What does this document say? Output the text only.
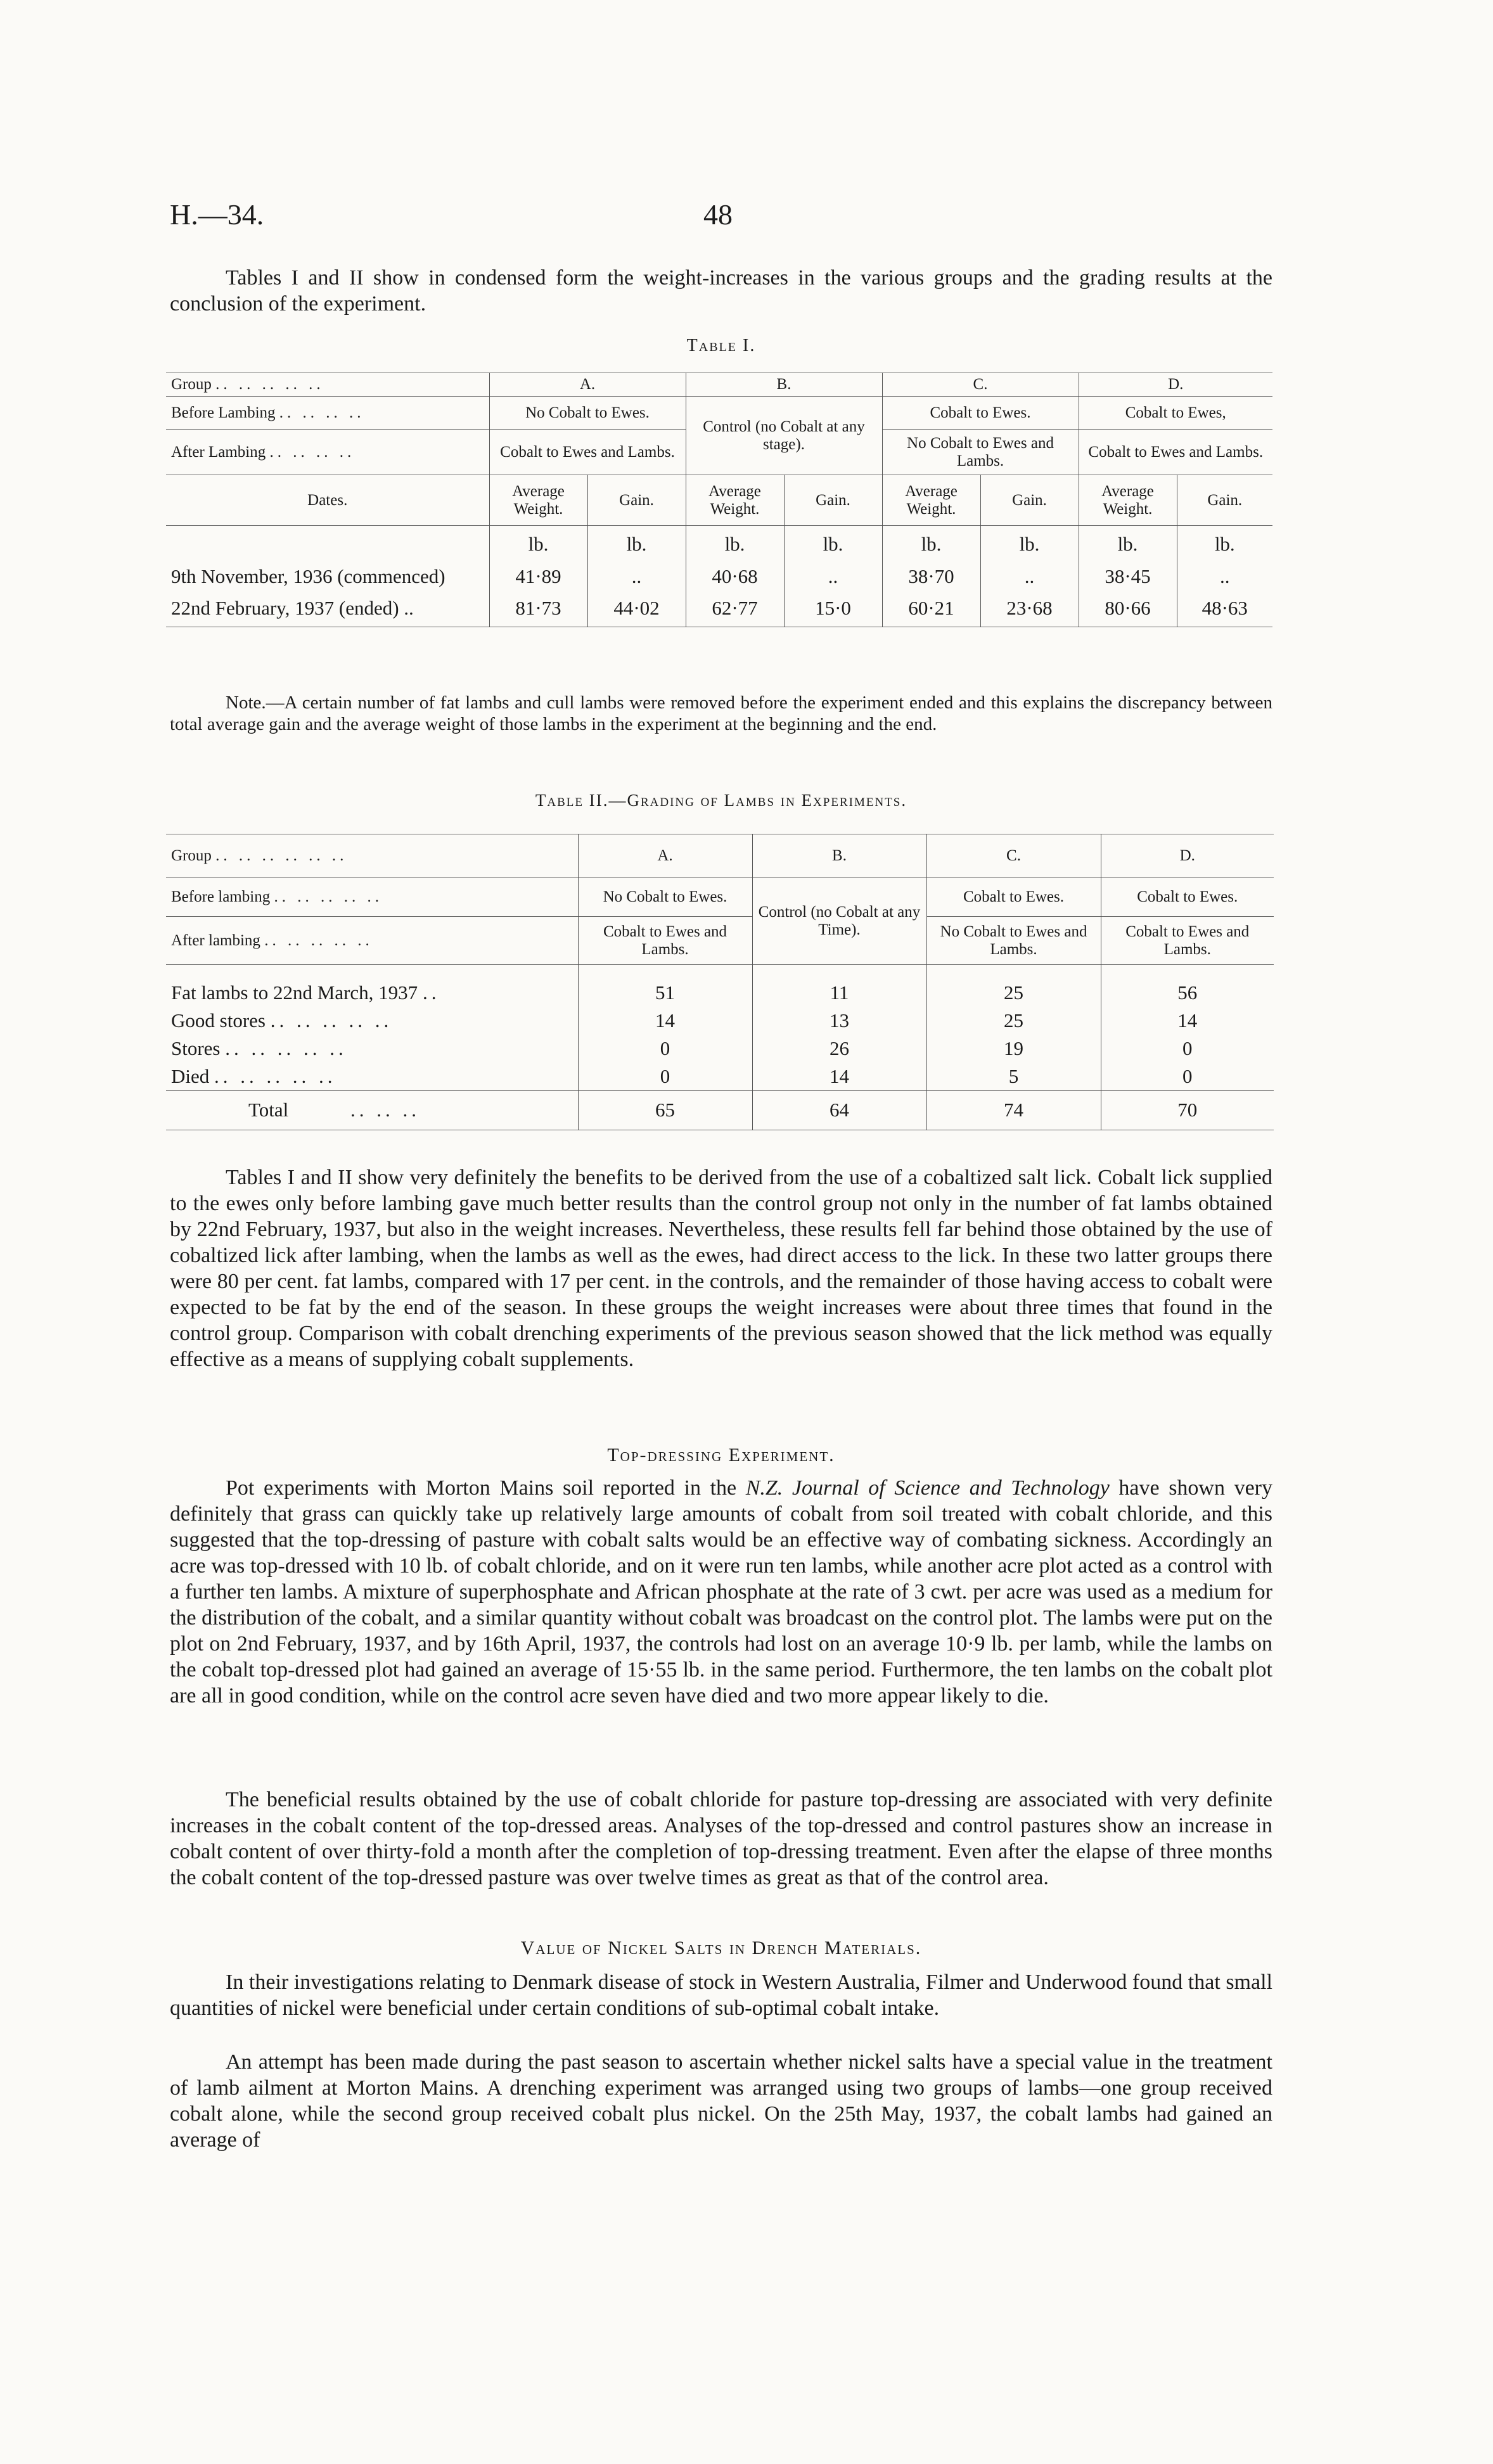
H.—34.	48
Tables I and II show in condensed form the weight-increases in the various groups and the grading results at the conclusion of the experiment.
Table I.
Group .. .. .. .. ..	A.		B.		C.		D.	
Before Lambing .. .. .. ..	No Cobalt to Ewes.		Control (no Cobalt at any stage).		Cobalt to Ewes.		Cobalt to Ewes,	
After Lambing .. .. .. ..	Cobalt to Ewes and Lambs.				No Cobalt to Ewes and Lambs.		Cobalt to Ewes and Lambs.	
Dates.	Average Weight.	Gain.	Average Weight.	Gain.	Average Weight.	Gain.	Average Weight.	Gain.
	lb.	lb.	lb.	lb.	lb.	lb.	lb.	lb.
9th November, 1936 (commenced)	41·89	..	40·68	..	38·70	..	38·45	..
22nd February, 1937 (ended) ..	81·73	44·02	62·77	15·0	60·21	23·68	80·66	48·63
Note.—A certain number of fat lambs and cull lambs were removed before the experiment ended and this explains the discrepancy between total average gain and the average weight of those lambs in the experiment at the beginning and the end.
Table II.—Grading of Lambs in Experiments.
Group .. .. .. .. .. ..	A.	B.	C.	D.
Before lambing .. .. .. .. ..	No Cobalt to Ewes.	Control (no Cobalt at any Time).	Cobalt to Ewes.	Cobalt to Ewes.
After lambing .. .. .. .. ..	Cobalt to Ewes and Lambs.		No Cobalt to Ewes and Lambs.	Cobalt to Ewes and Lambs.

Fat lambs to 22nd March, 1937 ..	51	11	25	56
Good stores .. .. .. .. ..	14	13	25	14
Stores .. .. .. .. ..	0	26	19	0
Died .. .. .. .. ..	0	14	5	0
Total .. .. ..	65	64	74	70
Tables I and II show very definitely the benefits to be derived from the use of a cobaltized salt lick. Cobalt lick supplied to the ewes only before lambing gave much better results than the control group not only in the number of fat lambs obtained by 22nd February, 1937, but also in the weight increases. Nevertheless, these results fell far behind those obtained by the use of cobaltized lick after lambing, when the lambs as well as the ewes, had direct access to the lick. In these two latter groups there were 80 per cent. fat lambs, compared with 17 per cent. in the controls, and the remainder of those having access to cobalt were expected to be fat by the end of the season. In these groups the weight increases were about three times that found in the control group. Comparison with cobalt drenching experiments of the previous season showed that the lick method was equally effective as a means of supplying cobalt supplements.
Top-dressing Experiment.
Pot experiments with Morton Mains soil reported in the N.Z. Journal of Science and Technology have shown very definitely that grass can quickly take up relatively large amounts of cobalt from soil treated with cobalt chloride, and this suggested that the top-dressing of pasture with cobalt salts would be an effective way of combating sickness. Accordingly an acre was top-dressed with 10 lb. of cobalt chloride, and on it were run ten lambs, while another acre plot acted as a control with a further ten lambs. A mixture of superphosphate and African phosphate at the rate of 3 cwt. per acre was used as a medium for the distribution of the cobalt, and a similar quantity without cobalt was broadcast on the control plot. The lambs were put on the plot on 2nd February, 1937, and by 16th April, 1937, the controls had lost on an average 10·9 lb. per lamb, while the lambs on the cobalt top-dressed plot had gained an average of 15·55 lb. in the same period. Furthermore, the ten lambs on the cobalt plot are all in good condition, while on the control acre seven have died and two more appear likely to die.
The beneficial results obtained by the use of cobalt chloride for pasture top-dressing are associated with very definite increases in the cobalt content of the top-dressed areas. Analyses of the top-dressed and control pastures show an increase in cobalt content of over thirty-fold a month after the completion of top-dressing treatment. Even after the elapse of three months the cobalt content of the top-dressed pasture was over twelve times as great as that of the control area.
Value of Nickel Salts in Drench Materials.
In their investigations relating to Denmark disease of stock in Western Australia, Filmer and Underwood found that small quantities of nickel were beneficial under certain conditions of sub-optimal cobalt intake.
An attempt has been made during the past season to ascertain whether nickel salts have a special value in the treatment of lamb ailment at Morton Mains. A drenching experiment was arranged using two groups of lambs—one group received cobalt alone, while the second group received cobalt plus nickel. On the 25th May, 1937, the cobalt lambs had gained an average of
